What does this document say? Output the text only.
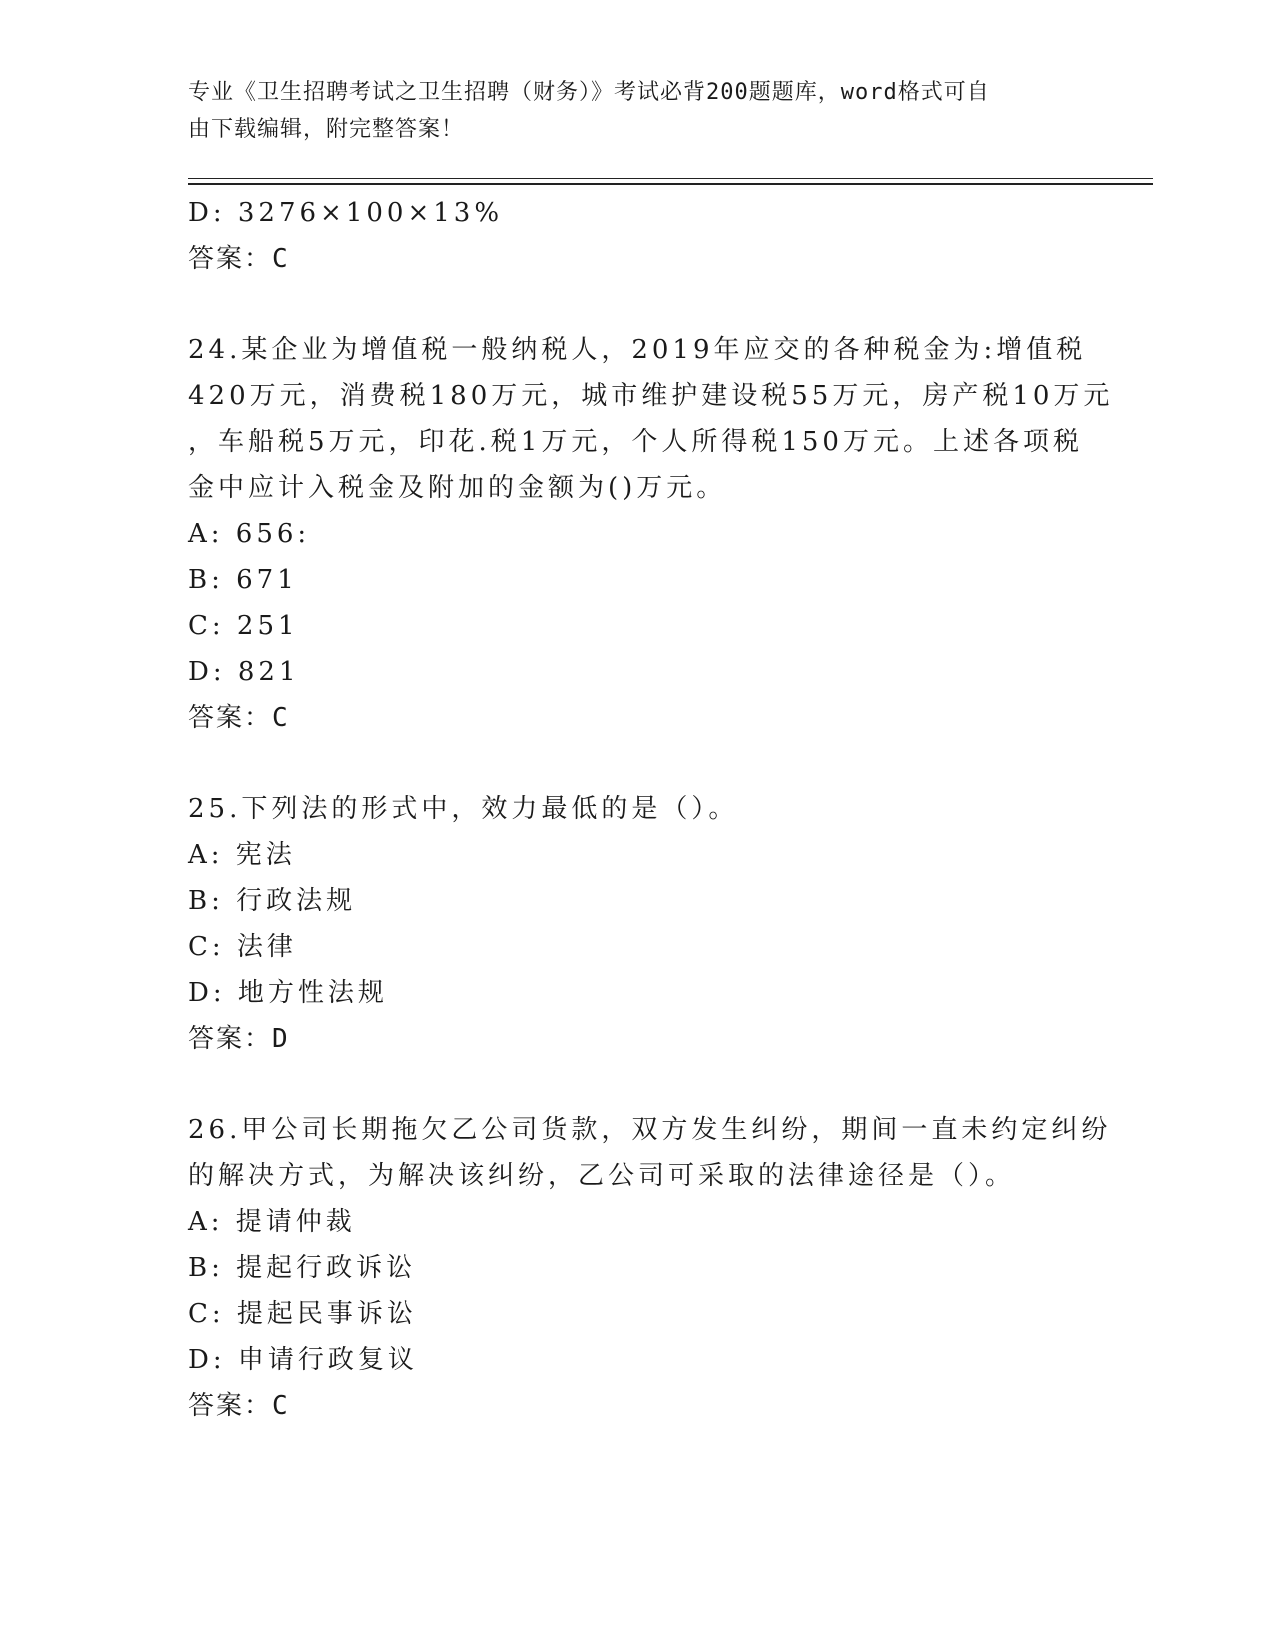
专业《卫生招聘考试之卫生招聘（财务）》考试必背200题题库，word格式可自
由下载编辑，附完整答案！
D: 3276×100×13%
答案：C
24.某企业为增值税一般纳税人，2019年应交的各种税金为:增值税
420万元，消费税180万元，城市维护建设税55万元，房产税10万元
，车船税5万元，印花.税1万元，个人所得税150万元。上述各项税
金中应计入税金及附加的金额为()万元。
A: 656:
B: 671
C: 251
D: 821
答案：C
25.下列法的形式中，效力最低的是（）。
A: 宪法
B: 行政法规
C: 法律
D: 地方性法规
答案：D
26.甲公司长期拖欠乙公司货款，双方发生纠纷，期间一直未约定纠纷
的解决方式，为解决该纠纷，乙公司可采取的法律途径是（）。
A: 提请仲裁
B: 提起行政诉讼
C: 提起民事诉讼
D: 申请行政复议
答案：C
